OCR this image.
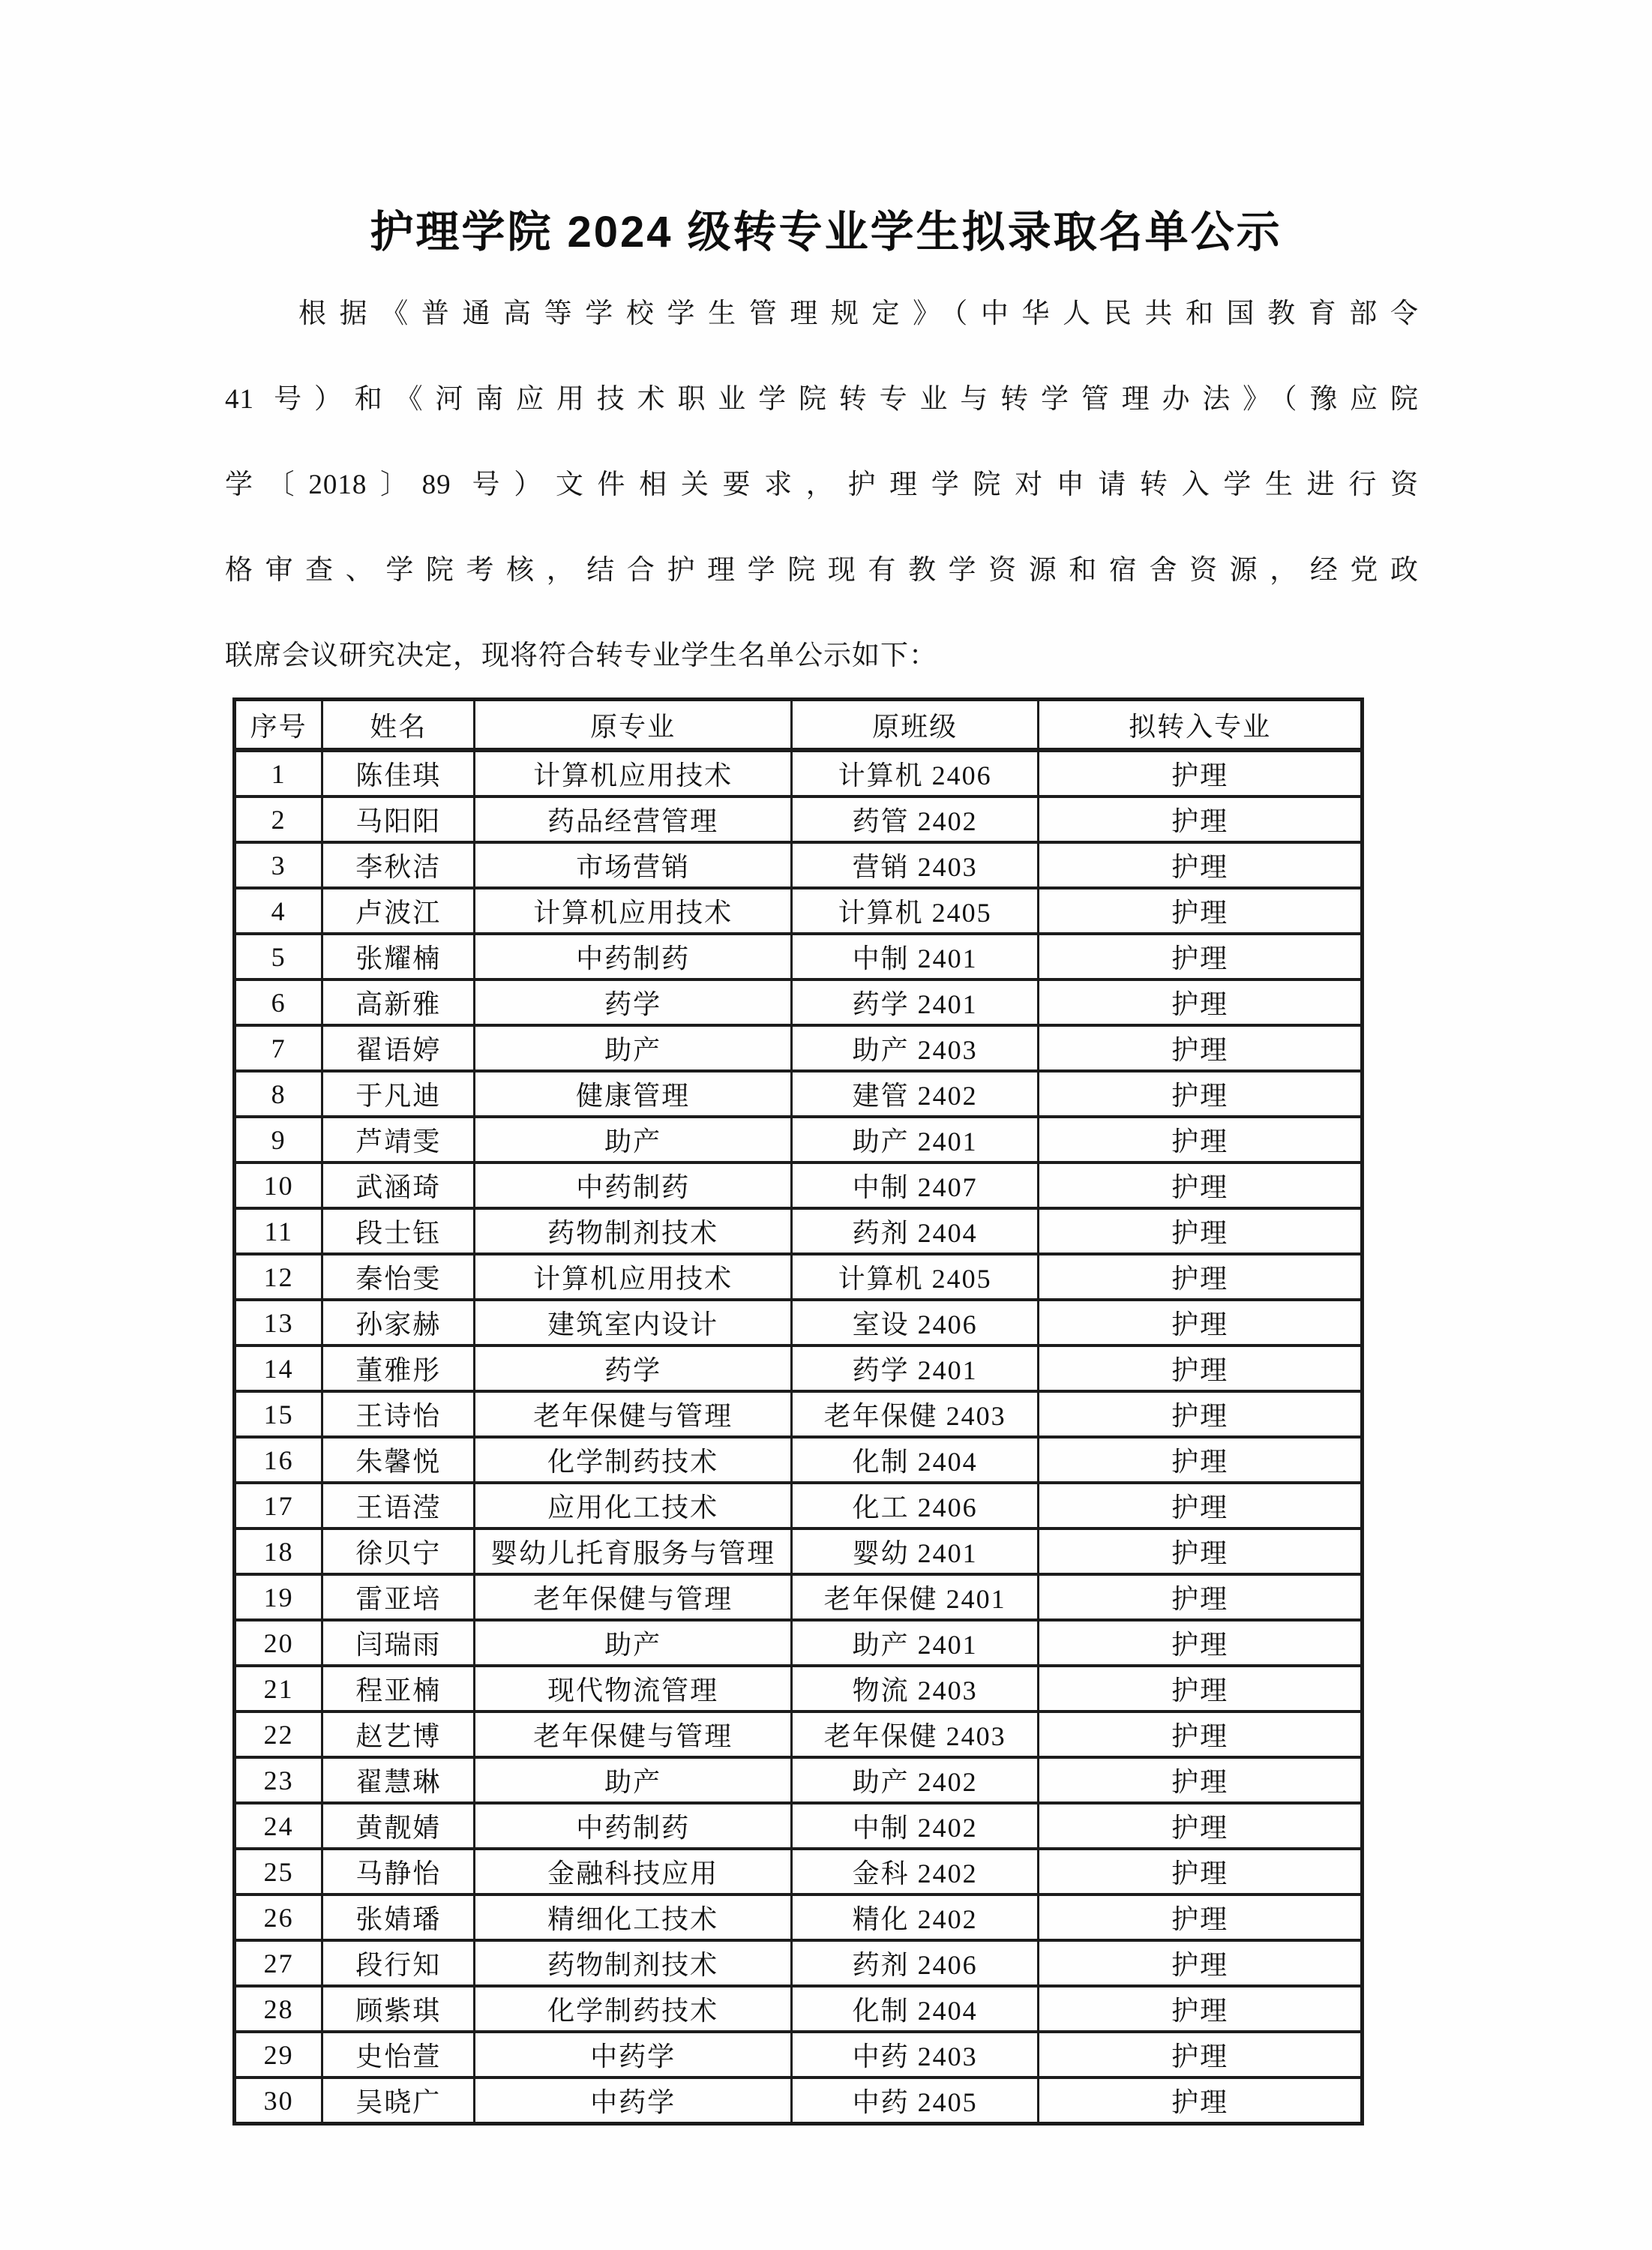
护理学院 2024 级转专业学生拟录取名单公示
根据《普通高等学校学生管理规定》（中华人民共和国教育部令
41 号）和《河南应用技术职业学院转专业与转学管理办法》（豫应院
学〔2018〕89 号）文件相关要求，护理学院对申请转入学生进行资
格审查、学院考核，结合护理学院现有教学资源和宿舍资源，经党政
联席会议研究决定，现将符合转专业学生名单公示如下：
序号	姓名	原专业	原班级	拟转入专业
1	陈佳琪	计算机应用技术	计算机 2406	护理
2	马阳阳	药品经营管理	药管 2402	护理
3	李秋洁	市场营销	营销 2403	护理
4	卢波江	计算机应用技术	计算机 2405	护理
5	张耀楠	中药制药	中制 2401	护理
6	高新雅	药学	药学 2401	护理
7	翟语婷	助产	助产 2403	护理
8	于凡迪	健康管理	建管 2402	护理
9	芦靖雯	助产	助产 2401	护理
10	武涵琦	中药制药	中制 2407	护理
11	段士钰	药物制剂技术	药剂 2404	护理
12	秦怡雯	计算机应用技术	计算机 2405	护理
13	孙家赫	建筑室内设计	室设 2406	护理
14	董雅彤	药学	药学 2401	护理
15	王诗怡	老年保健与管理	老年保健 2403	护理
16	朱馨悦	化学制药技术	化制 2404	护理
17	王语滢	应用化工技术	化工 2406	护理
18	徐贝宁	婴幼儿托育服务与管理	婴幼 2401	护理
19	雷亚培	老年保健与管理	老年保健 2401	护理
20	闫瑞雨	助产	助产 2401	护理
21	程亚楠	现代物流管理	物流 2403	护理
22	赵艺博	老年保健与管理	老年保健 2403	护理
23	翟慧琳	助产	助产 2402	护理
24	黄靓婧	中药制药	中制 2402	护理
25	马静怡	金融科技应用	金科 2402	护理
26	张婧璠	精细化工技术	精化 2402	护理
27	段行知	药物制剂技术	药剂 2406	护理
28	顾紫琪	化学制药技术	化制 2404	护理
29	史怡萱	中药学	中药 2403	护理
30	吴晓广	中药学	中药 2405	护理
